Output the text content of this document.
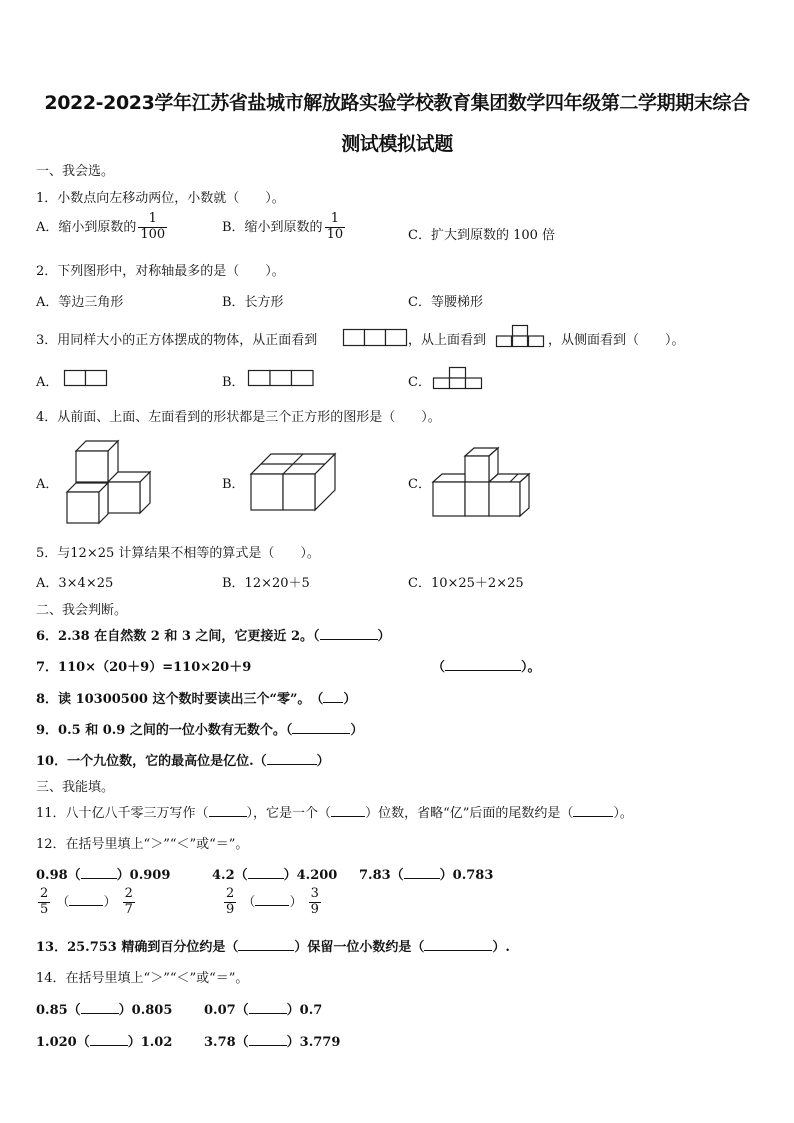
2022-2023学年江苏省盐城市解放路实验学校教育集团数学四年级第二学期期末综合
测试模拟试题
一、我会选。
1．小数点向左移动两位，小数就（　　）。
A．缩小到原数的 $\frac{1}{100}$	B．缩小到原数的 $\frac{1}{10}$	C．扩大到原数的 100 倍
2．下列图形中，对称轴最多的是（　　）。
A．等边三角形	B．长方形	C．等腰梯形
3．用同样大小的正方体摆成的物体，从正面看到	，从上面看到	，从侧面看到（　　）。
A．	B．	C．
4．从前面、上面、左面看到的形状都是三个正方形的图形是（　　）。
A．	B．	C．
5．与12×25 计算结果不相等的算式是（　　）。
A．3×4×25	B．12×20＋5	C．10×25＋2×25
二、我会判断。
6．2.38 在自然数 2 和 3 之间，它更接近 2。（	）
7．110×（20＋9）=110×20＋9	（	）。
8．读 10300500 这个数时要读出三个“零”。　（ ）
9．0.5 和 0.9 之间的一位小数有无数个。（	）
10．一个九位数，它的最高位是亿位.（	）
三、我能填。
11．八十亿八千零三万写作（	），它是一个（	）位数，省略“亿”后面的尾数约是（	）。
12．在括号里填上“＞”“＜”或“＝”。
0.98（	）0.909	4.2（	）4.200 7.83（	）0.783
$\frac{2}{5}$ （	） $\frac{2}{7}$	$\frac{2}{9}$ （	） $\frac{3}{9}$
13．25.753 精确到百分位约是（	）保留一位小数约是（	）.
14．在括号里填上“＞”“＜”或“＝”。
0.85（	）0.805 0.07（	）0.7
1.020（	）1.02 3.78（	）3.779
